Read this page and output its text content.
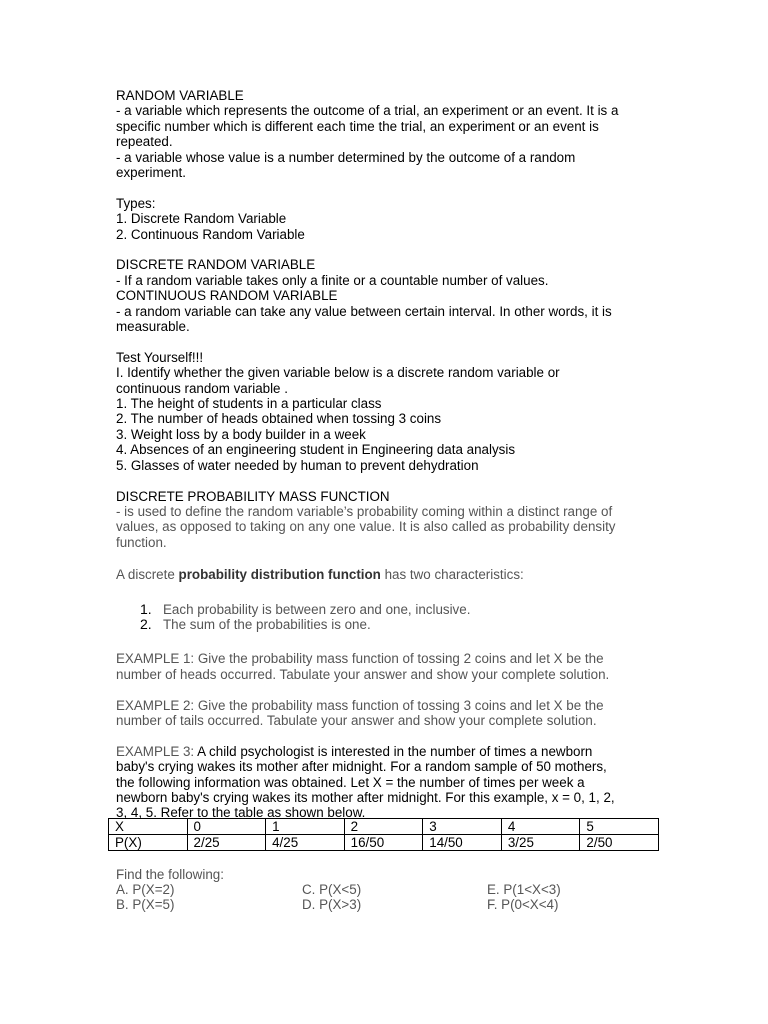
RANDOM VARIABLE
- a variable which represents the outcome of a trial, an experiment or an event. It is a
specific number which is different each time the trial, an experiment or an event is
repeated.
- a variable whose value is a number determined by the outcome of a random
experiment.
Types:
1. Discrete Random Variable
2. Continuous Random Variable
DISCRETE RANDOM VARIABLE
- If a random variable takes only a finite or a countable number of values.
CONTINUOUS RANDOM VARIABLE
- a random variable can take any value between certain interval. In other words, it is
measurable.
Test Yourself!!!
I. Identify whether the given variable below is a discrete random variable or
continuous random variable .
1. The height of students in a particular class
2. The number of heads obtained when tossing 3 coins
3. Weight loss by a body builder in a week
4. Absences of an engineering student in Engineering data analysis
5. Glasses of water needed by human to prevent dehydration
DISCRETE PROBABILITY MASS FUNCTION
- is used to define the random variable’s probability coming within a distinct range of
values, as opposed to taking on any one value. It is also called as probability density
function.
A discrete probability distribution function has two characteristics:
1. Each probability is between zero and one, inclusive.
2. The sum of the probabilities is one.
EXAMPLE 1: Give the probability mass function of tossing 2 coins and let X be the
number of heads occurred. Tabulate your answer and show your complete solution.
EXAMPLE 2: Give the probability mass function of tossing 3 coins and let X be the
number of tails occurred. Tabulate your answer and show your complete solution.
EXAMPLE 3: A child psychologist is interested in the number of times a newborn
baby's crying wakes its mother after midnight. For a random sample of 50 mothers,
the following information was obtained. Let X = the number of times per week a
newborn baby's crying wakes its mother after midnight. For this example, x = 0, 1, 2,
3, 4, 5. Refer to the table as shown below.
X	0	1	2	3	4	5
P(X)	2/25	4/25	16/50	14/50	3/25	2/50
Find the following:
A. P(X=2)	C. P(X<5)	E. P(1<X<3)
B. P(X=5)	D. P(X>3)	F. P(0<X<4)
